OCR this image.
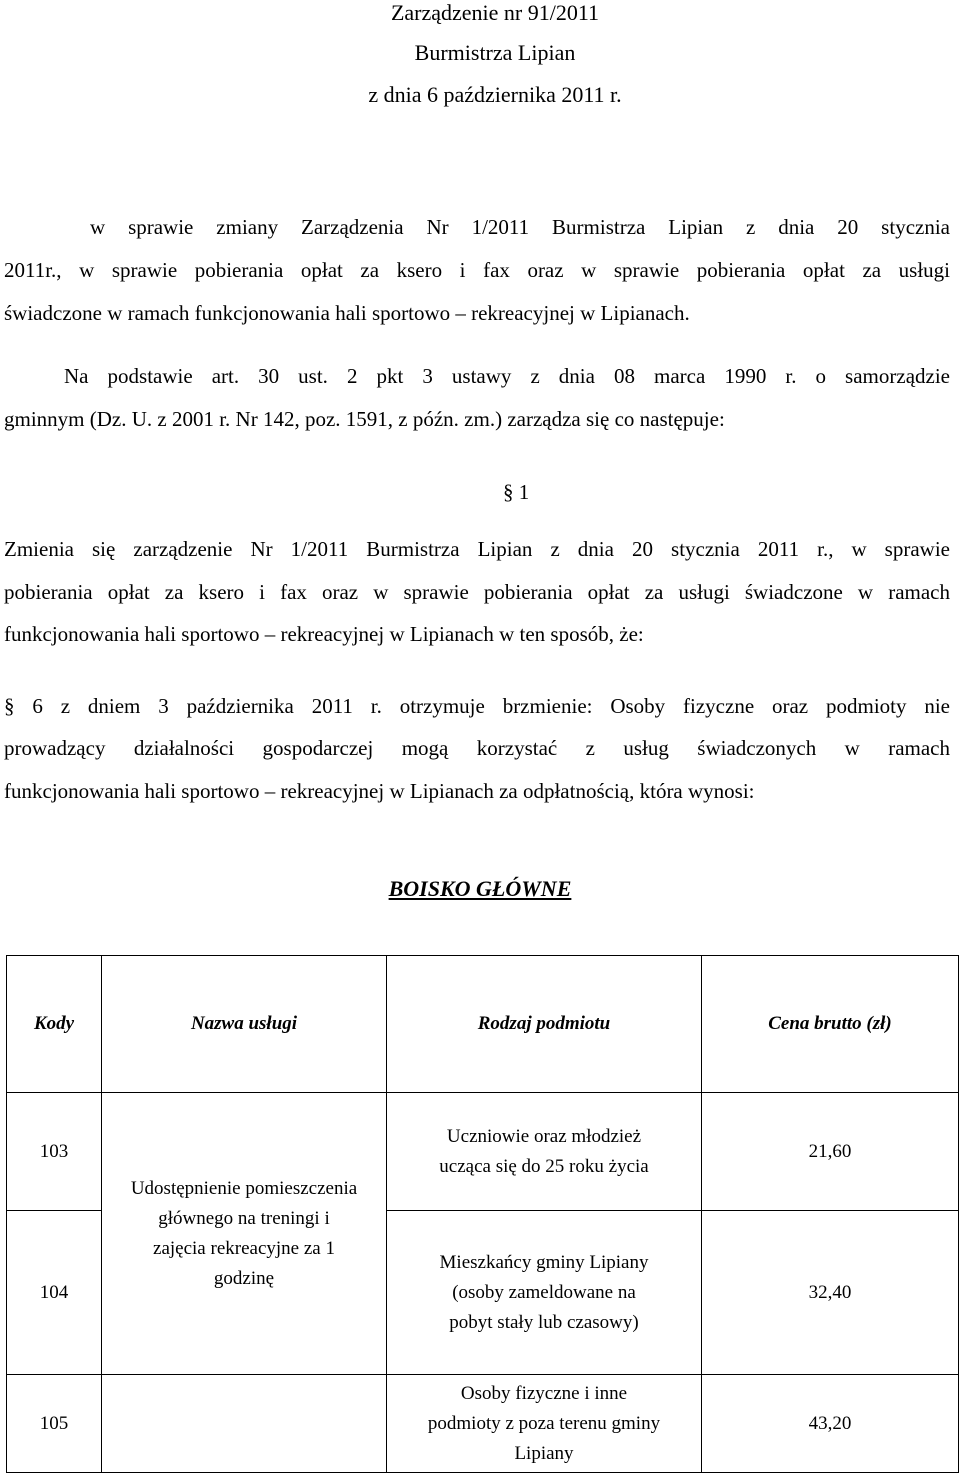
Zarządzenie nr 91/2011
Burmistrza Lipian
z dnia 6 października 2011 r.
w sprawie zmiany Zarządzenia Nr 1/2011 Burmistrza Lipian z dnia 20 stycznia
2011r., w sprawie pobierania opłat za ksero i fax oraz w sprawie pobierania opłat za usługi
świadczone w ramach funkcjonowania hali sportowo – rekreacyjnej w Lipianach.
Na podstawie art. 30 ust. 2 pkt 3 ustawy z dnia 08 marca 1990 r. o samorządzie
gminnym (Dz. U. z 2001 r. Nr 142, poz. 1591, z późn. zm.) zarządza się co następuje:
§ 1
Zmienia się zarządzenie Nr 1/2011 Burmistrza Lipian z dnia 20 stycznia 2011 r., w sprawie
pobierania opłat za ksero i fax oraz w sprawie pobierania opłat za usługi świadczone w ramach
funkcjonowania hali sportowo – rekreacyjnej w Lipianach w ten sposób, że:
§ 6 z dniem 3 października 2011 r. otrzymuje brzmienie: Osoby fizyczne oraz podmioty nie
prowadzący działalności gospodarczej mogą korzystać z usług świadczonych w ramach
funkcjonowania hali sportowo – rekreacyjnej w Lipianach za odpłatnością, która wynosi:
BOISKO GŁÓWNE
Kody	Nazwa usługi	Rodzaj podmiotu	Cena brutto (zł)
103	Udostępnienie pomieszczenia głównego na treningi i zajęcia rekreacyjne za 1 godzinę	Uczniowie oraz młodzież ucząca się do 25 roku życia	21,60
104		Mieszkańcy gminy Lipiany (osoby zameldowane na pobyt stały lub czasowy)	32,40
105		Osoby fizyczne i inne podmioty z poza terenu gminy Lipiany	43,20
